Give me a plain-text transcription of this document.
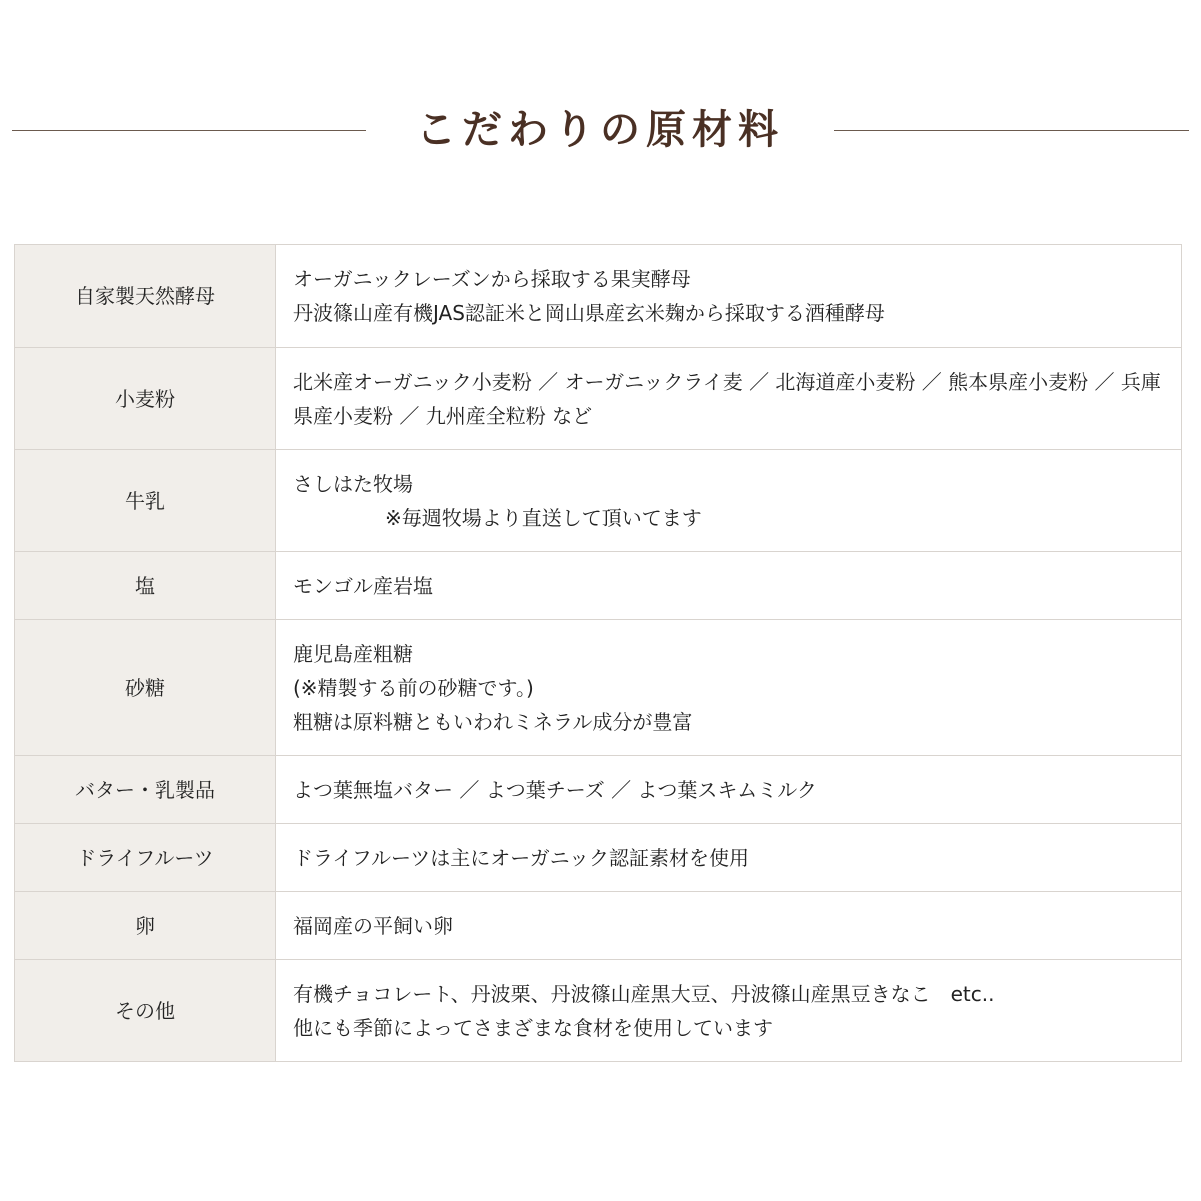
こだわりの原材料
自家製天然酵母	オーガニックレーズンから採取する果実酵母
丹波篠山産有機JAS認証米と岡山県産玄米麹から採取する酒種酵母

小麦粉	北米産オーガニック小麦粉 ／ オーガニックライ麦 ／ 北海道産小麦粉 ／ 熊本県産小麦粉 ／ 兵庫県産小麦粉 ／ 九州産全粒粉 など

牛乳	さしはた牧場
※毎週牧場より直送して頂いてます

塩	モンゴル産岩塩

砂糖	鹿児島産粗糖
(※精製する前の砂糖です。)
粗糖は原料糖ともいわれミネラル成分が豊富

バター・乳製品	よつ葉無塩バター ／ よつ葉チーズ ／ よつ葉スキムミルク

ドライフルーツ	ドライフルーツは主にオーガニック認証素材を使用

卵	福岡産の平飼い卵

その他	有機チョコレート、丹波栗、丹波篠山産黒大豆、丹波篠山産黒豆きなこ　etc..
他にも季節によってさまざまな食材を使用しています
